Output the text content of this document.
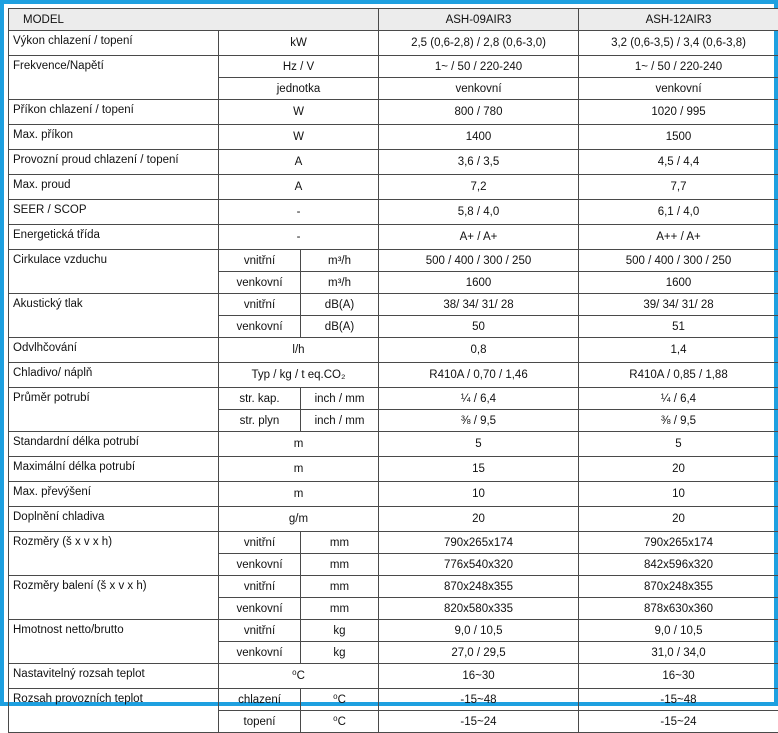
MODEL			ASH-09AIR3	ASH-12AIR3
Výkon chlazení / topení	kW		2,5 (0,6-2,8) / 2,8 (0,6-3,0)	3,2 (0,6-3,5) / 3,4 (0,6-3,8)
Frekvence/Napětí	Hz / V		1~ / 50 / 220-240	1~ / 50 / 220-240
	jednotka		venkovní	venkovní
Příkon chlazení / topení	W		800 / 780	1020 / 995
Max. příkon	W		1400	1500
Provozní proud chlazení / topení	A		3,6 / 3,5	4,5 / 4,4
Max. proud	A		7,2	7,7
SEER / SCOP	-		5,8 / 4,0	6,1 / 4,0
Energetická třída	-		A+ / A+	A++ / A+
Cirkulace vzduchu	vnitřní	m³/h	500 / 400 / 300 / 250	500 / 400 / 300 / 250
	venkovní	m³/h	1600	1600
Akustický tlak	vnitřní	dB(A)	38/ 34/ 31/ 28	39/ 34/ 31/ 28
	venkovní	dB(A)	50	51
Odvlhčování	l/h		0,8	1,4
Chladivo/ náplň	Typ / kg / t eq.CO₂		R410A / 0,70 / 1,46	R410A / 0,85 / 1,88
Průměr potrubí	str. kap.	inch / mm	¼ / 6,4	¼ / 6,4
	str. plyn	inch / mm	⅜ / 9,5	⅜ / 9,5
Standardní délka potrubí	m		5	5
Maximální délka potrubí	m		15	20
Max. převýšení	m		10	10
Doplnění chladiva	g/m		20	20
Rozměry (š x v x h)	vnitřní	mm	790x265x174	790x265x174
	venkovní	mm	776x540x320	842x596x320
Rozměry balení (š x v x h)	vnitřní	mm	870x248x355	870x248x355
	venkovní	mm	820x580x335	878x630x360
Hmotnost netto/brutto	vnitřní	kg	9,0 / 10,5	9,0 / 10,5
	venkovní	kg	27,0 / 29,5	31,0 / 34,0
Nastavitelný rozsah teplot	⁰C		16~30	16~30
Rozsah provozních teplot	chlazení	⁰C	-15~48	-15~48
	topení	⁰C	-15~24	-15~24
